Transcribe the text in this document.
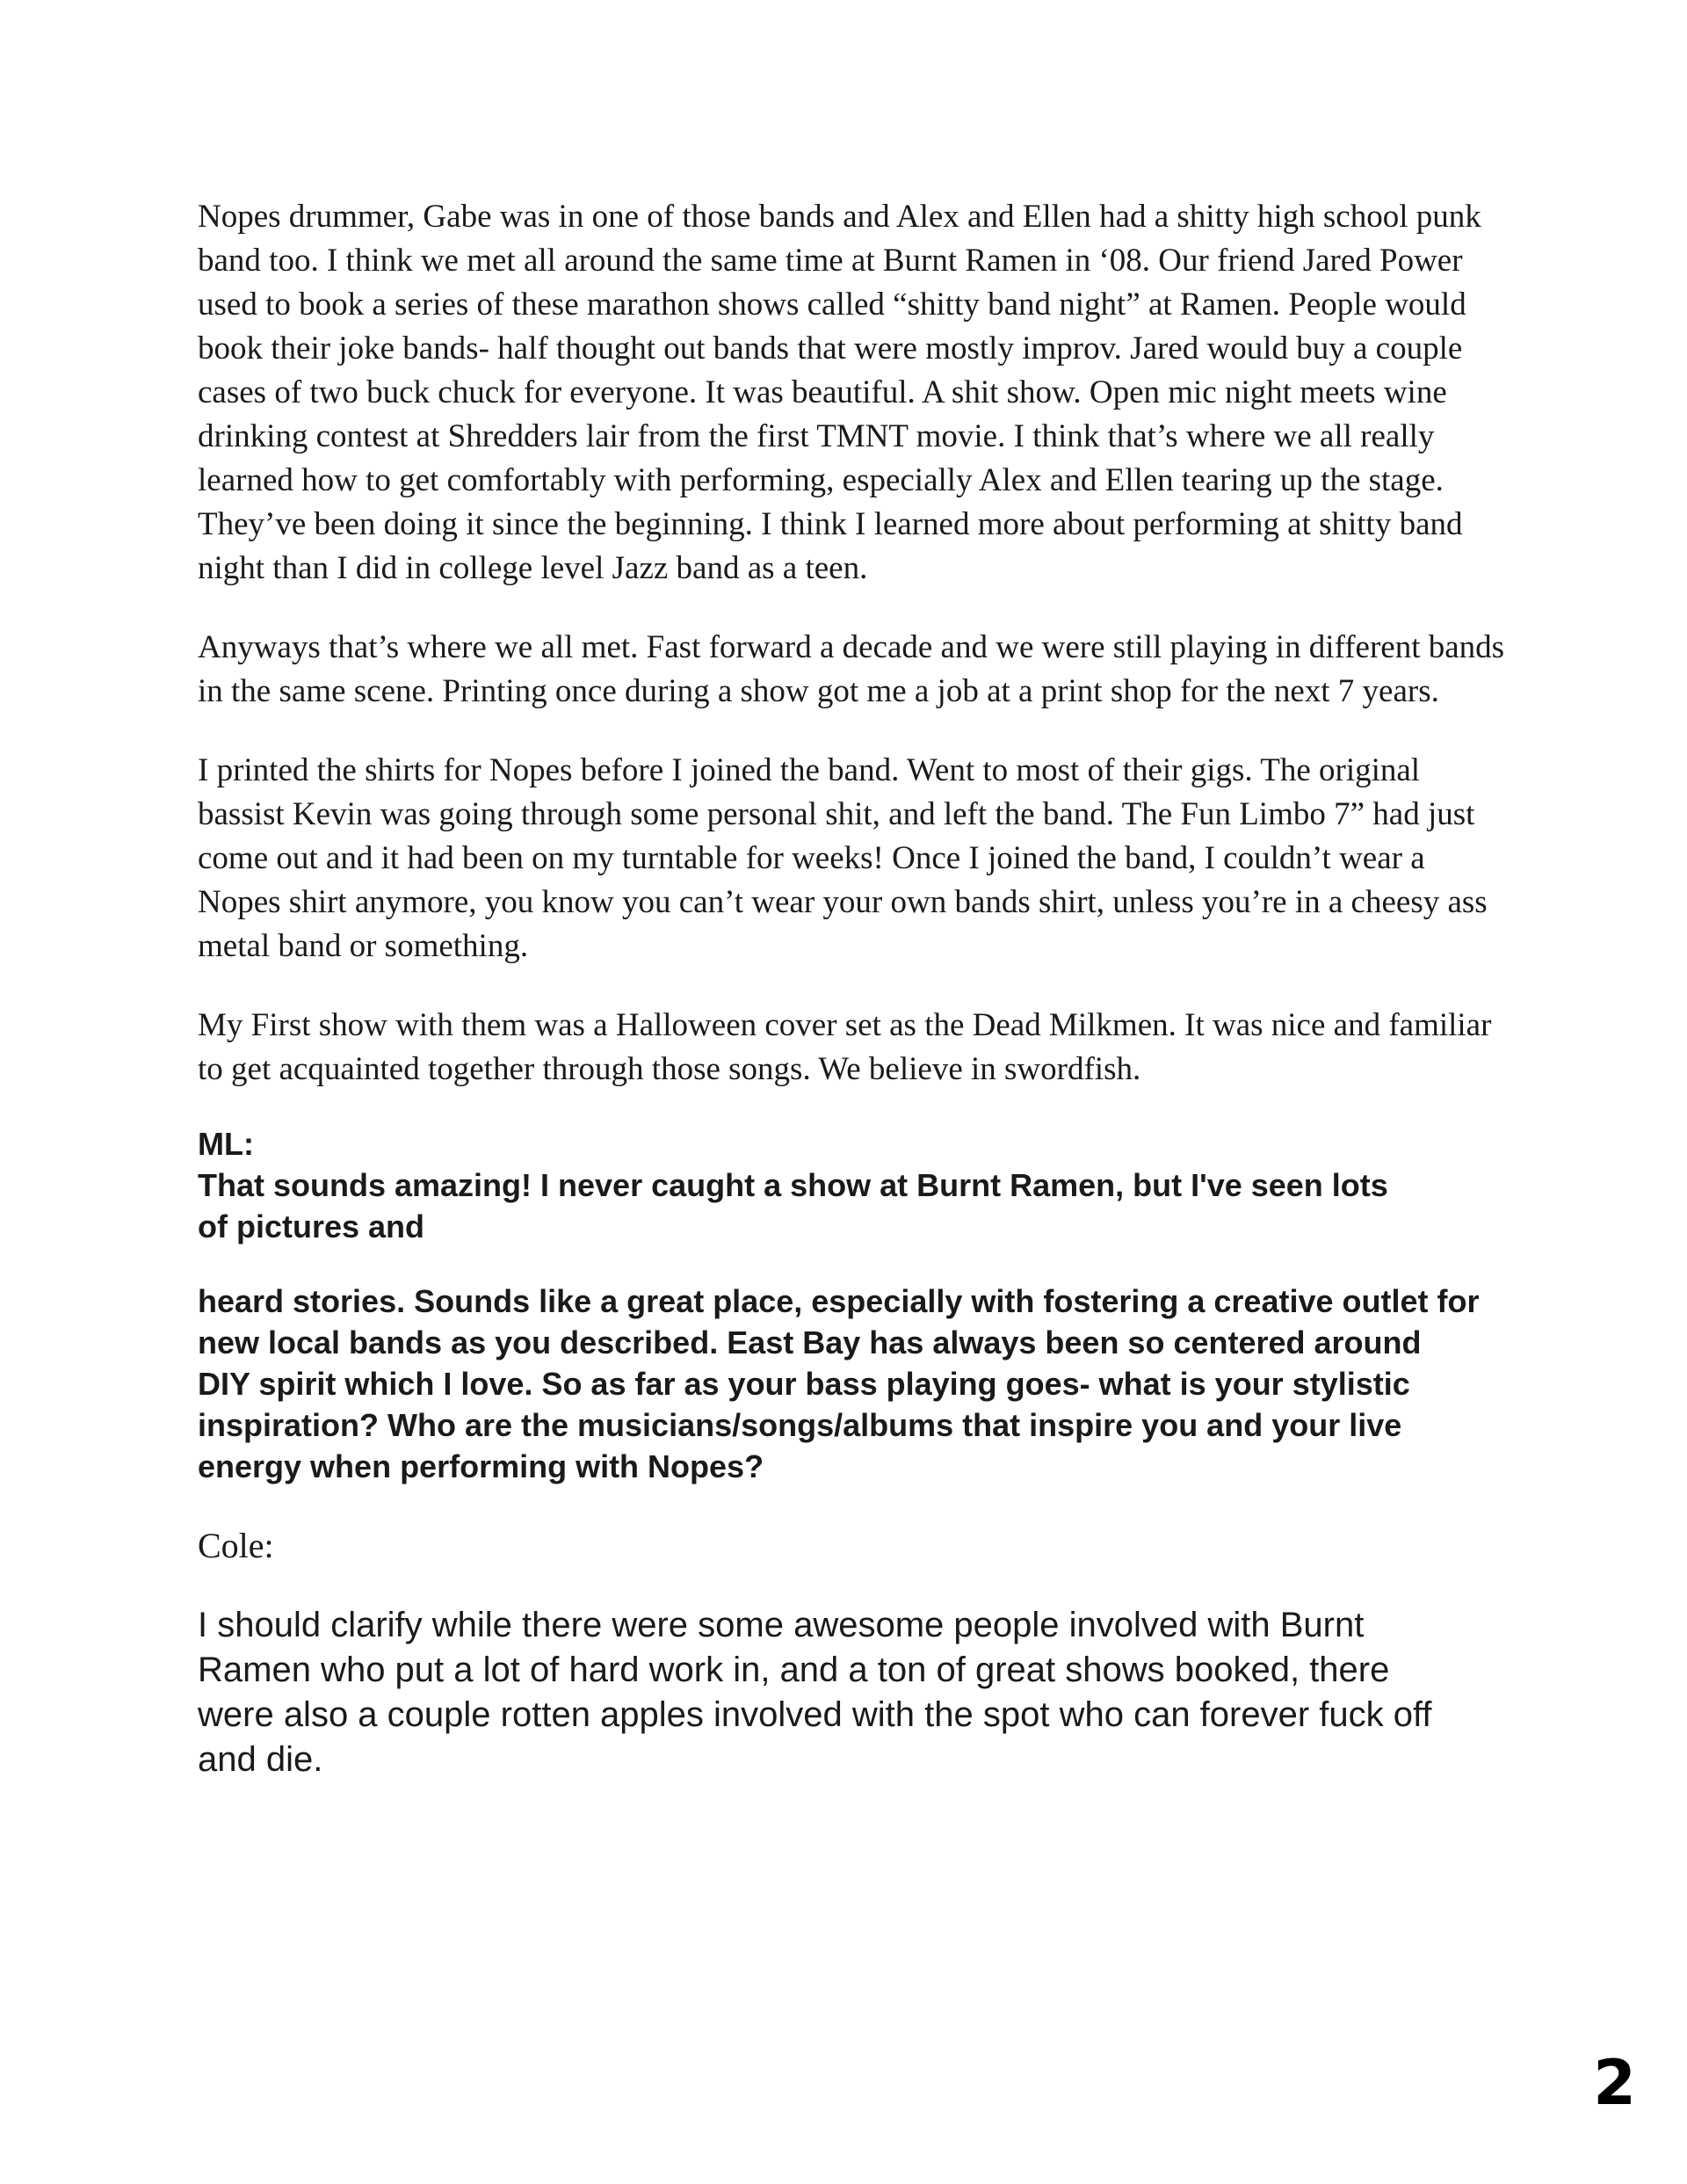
Nopes drummer, Gabe was in one of those bands and Alex and Ellen had a shitty high school punk band too. I think we met all around the same time at Burnt Ramen in ‘08. Our friend Jared Power used to book a series of these marathon shows called “shitty band night” at Ramen. People would book their joke bands- half thought out bands that were mostly improv. Jared would buy a couple cases of two buck chuck for everyone. It was beautiful. A shit show. Open mic night meets wine drinking contest at Shredders lair from the first TMNT movie. I think that’s where we all really learned how to get comfortably with performing, especially Alex and Ellen tearing up the stage. They’ve been doing it since the beginning. I think I learned more about performing at shitty band night than I did in college level Jazz band as a teen.

Anyways that’s where we all met. Fast forward a decade and we were still playing in different bands in the same scene. Printing once during a show got me a job at a print shop for the next 7 years.

I printed the shirts for Nopes before I joined the band. Went to most of their gigs. The original bassist Kevin was going through some personal shit, and left the band. The Fun Limbo 7” had just come out and it had been on my turntable for weeks! Once I joined the band, I couldn’t wear a Nopes shirt anymore, you know you can’t wear your own bands shirt, unless you’re in a cheesy ass metal band or something.

My First show with them was a Halloween cover set as the Dead Milkmen. It was nice and familiar to get acquainted together through those songs. We believe in swordfish.

ML:

That sounds amazing! I never caught a show at Burnt Ramen, but I've seen lots of pictures and

heard stories. Sounds like a great place, especially with fostering a creative outlet for new local bands as you described. East Bay has always been so centered around DIY spirit which I love. So as far as your bass playing goes- what is your stylistic inspiration? Who are the musicians/songs/albums that inspire you and your live energy when performing with Nopes?

Cole:

I should clarify while there were some awesome people involved with Burnt Ramen who put a lot of hard work in, and a ton of great shows booked, there were also a couple rotten apples involved with the spot who can forever fuck off and die.

2
